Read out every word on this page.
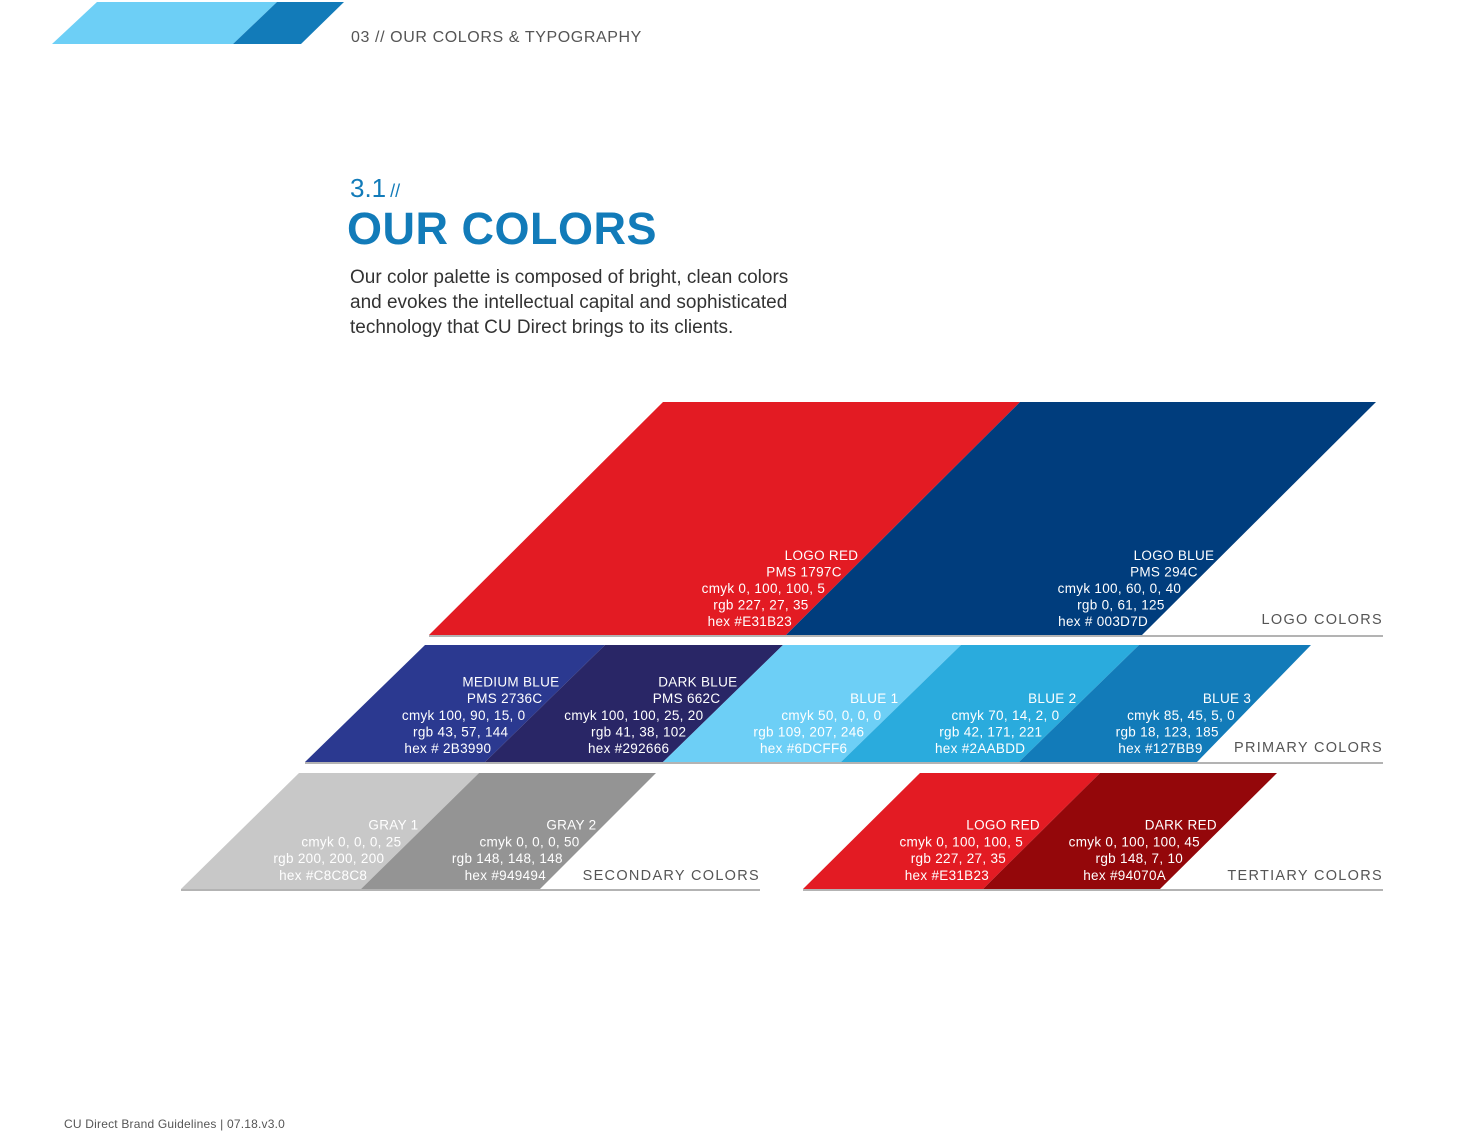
03 // OUR COLORS & TYPOGRAPHY
3.1 //
OUR COLORS

Our color palette is composed of bright, clean colors

and evokes the intellectual capital and sophisticated

technology that CU Direct brings to its clients.

LOGO RED
PMS 1797C
cmyk 0, 100, 100, 5
rgb 227, 27, 35
hex #E31B23
LOGO BLUE
PMS 294C
cmyk 100, 60, 0, 40
rgb 0, 61, 125
hex # 003D7D	LOGO COLORS
MEDIUM BLUE
PMS 2736C
cmyk 100, 90, 15, 0
rgb 43, 57, 144
hex # 2B3990
DARK BLUE
PMS 662C
cmyk 100, 100, 25, 20
rgb 41, 38, 102
hex #292666
BLUE 1
cmyk 50, 0, 0, 0
rgb 109, 207, 246
hex #6DCFF6
BLUE 2
cmyk 70, 14, 2, 0
rgb 42, 171, 221
hex #2AABDD
BLUE 3
cmyk 85, 45, 5, 0
rgb 18, 123, 185
hex #127BB9 PRIMARY COLORS
GRAY 1
cmyk 0, 0, 0, 25
rgb 200, 200, 200
hex #C8C8C8
GRAY 2
cmyk 0, 0, 0, 50
rgb 148, 148, 148
hex #949494	SECONDARY COLORS
LOGO RED
cmyk 0, 100, 100, 5
rgb 227, 27, 35
hex #E31B23
DARK RED
cmyk 0, 100, 100, 45
rgb 148, 7, 10
hex #94070A	TERTIARY COLORS
CU Direct Brand Guidelines | 07.18.v3.0
